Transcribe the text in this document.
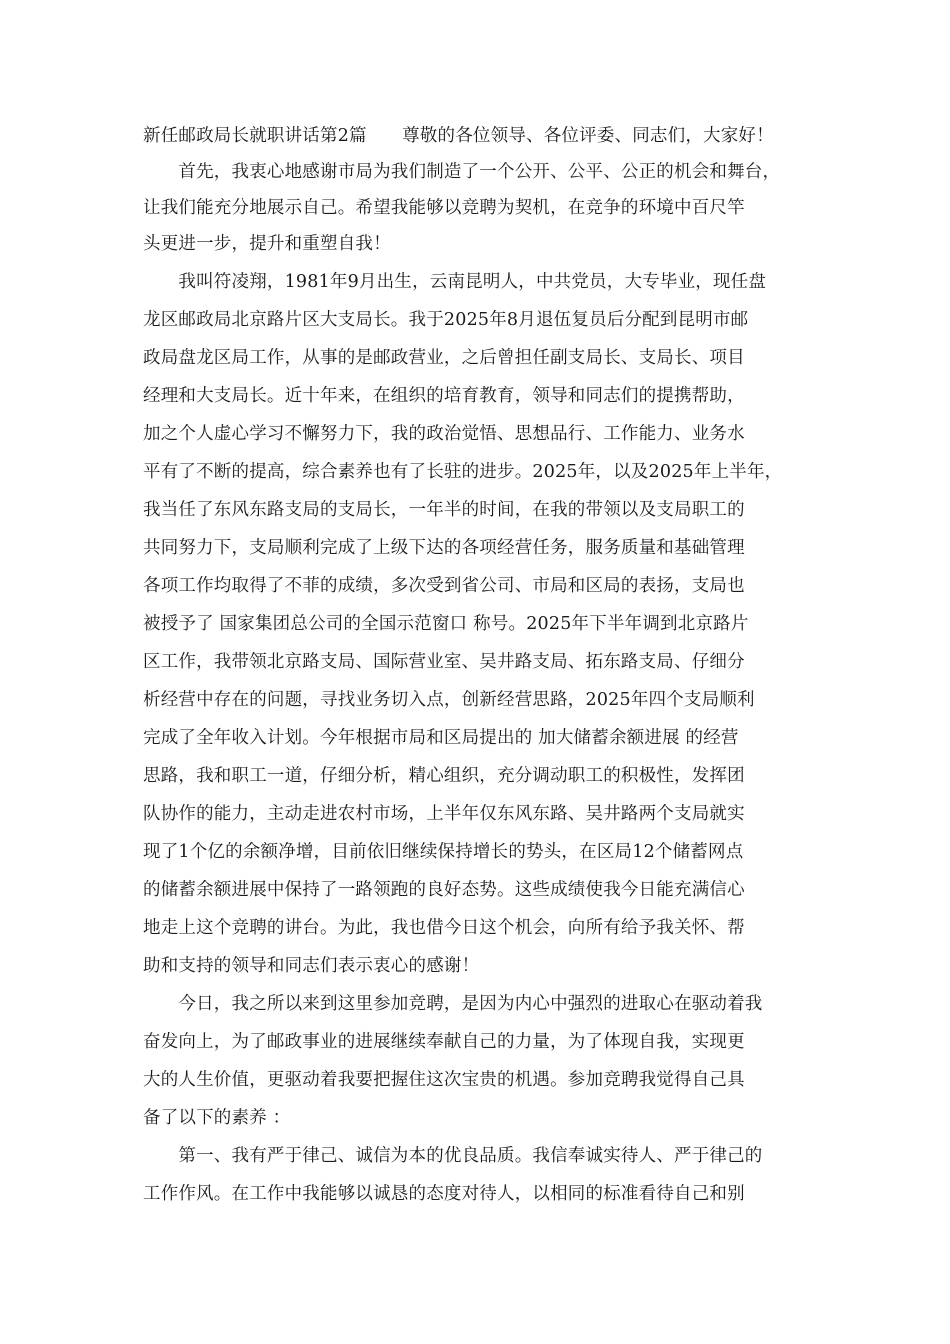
新任邮政局长就职讲话第2篇　　尊敬的各位领导、各位评委、同志们，大家好！
　　首先，我衷心地感谢市局为我们制造了一个公开、公平、公正的机会和舞台，
让我们能充分地展示自己。希望我能够以竞聘为契机，在竞争的环境中百尺竿
头更进一步，提升和重塑自我！
　　我叫符凌翔，1981年9月出生，云南昆明人，中共党员，大专毕业，现任盘
龙区邮政局北京路片区大支局长。我于2025年8月退伍复员后分配到昆明市邮
政局盘龙区局工作，从事的是邮政营业，之后曾担任副支局长、支局长、项目
经理和大支局长。近十年来，在组织的培育教育，领导和同志们的提携帮助，
加之个人虚心学习不懈努力下，我的政治觉悟、思想品行、工作能力、业务水
平有了不断的提高，综合素养也有了长驻的进步。2025年，以及2025年上半年，
我当任了东风东路支局的支局长，一年半的时间，在我的带领以及支局职工的
共同努力下，支局顺利完成了上级下达的各项经营任务，服务质量和基础管理
各项工作均取得了不菲的成绩，多次受到省公司、市局和区局的表扬，支局也
被授予了 国家集团总公司的全国示范窗口 称号。2025年下半年调到北京路片
区工作，我带领北京路支局、国际营业室、吴井路支局、拓东路支局、仔细分
析经营中存在的问题，寻找业务切入点，创新经营思路，2025年四个支局顺利
完成了全年收入计划。今年根据市局和区局提出的 加大储蓄余额进展 的经营
思路，我和职工一道，仔细分析，精心组织，充分调动职工的积极性，发挥团
队协作的能力，主动走进农村市场，上半年仅东风东路、吴井路两个支局就实
现了1个亿的余额净增，目前依旧继续保持增长的势头，在区局12个储蓄网点
的储蓄余额进展中保持了一路领跑的良好态势。这些成绩使我今日能充满信心
地走上这个竞聘的讲台。为此，我也借今日这个机会，向所有给予我关怀、帮
助和支持的领导和同志们表示衷心的感谢！
　　今日，我之所以来到这里参加竞聘，是因为内心中强烈的进取心在驱动着我
奋发向上，为了邮政事业的进展继续奉献自己的力量，为了体现自我，实现更
大的人生价值，更驱动着我要把握住这次宝贵的机遇。参加竞聘我觉得自己具
备了以下的素养 ：
　　第一、我有严于律己、诚信为本的优良品质。我信奉诚实待人、严于律己的
工作作风。在工作中我能够以诚恳的态度对待人，以相同的标准看待自己和别
